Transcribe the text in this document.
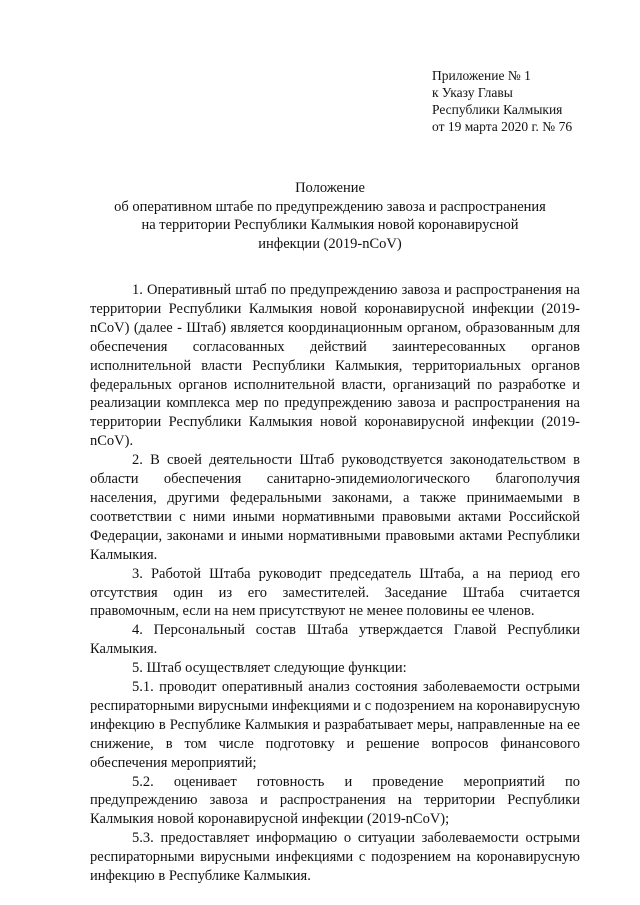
Приложение № 1
к Указу Главы
Республики Калмыкия
от 19 марта 2020 г. № 76
Положение
об оперативном штабе по предупреждению завоза и распространения
на территории Республики Калмыкия новой коронавирусной
инфекции (2019-nCoV)

1. Оперативный штаб по предупреждению завоза и распространения на территории Республики Калмыкия новой коронавирусной инфекции (2019-nCoV) (далее - Штаб) является координационным органом, образованным для обеспечения согласованных действий заинтересованных органов исполнительной власти Республики Калмыкия, территориальных органов федеральных органов исполнительной власти, организаций по разработке и реализации комплекса мер по предупреждению завоза и распространения на территории Республики Калмыкия новой коронавирусной инфекции (2019-nCoV).

2. В своей деятельности Штаб руководствуется законодательством в области обеспечения санитарно-эпидемиологического благополучия населения, другими федеральными законами, а также принимаемыми в соответствии с ними иными нормативными правовыми актами Российской Федерации, законами и иными нормативными правовыми актами Республики Калмыкия.

3. Работой Штаба руководит председатель Штаба, а на период его отсутствия один из его заместителей. Заседание Штаба считается правомочным, если на нем присутствуют не менее половины ее членов.

4. Персональный состав Штаба утверждается Главой Республики Калмыкия.

5. Штаб осуществляет следующие функции:

5.1. проводит оперативный анализ состояния заболеваемости острыми респираторными вирусными инфекциями и с подозрением на коронавирусную инфекцию в Республике Калмыкия и разрабатывает меры, направленные на ее снижение, в том числе подготовку и решение вопросов финансового обеспечения мероприятий;

5.2. оценивает готовность и проведение мероприятий по предупреждению завоза и распространения на территории Республики Калмыкия новой коронавирусной инфекции (2019-nCoV);

5.3. предоставляет информацию о ситуации заболеваемости острыми респираторными вирусными инфекциями с подозрением на коронавирусную инфекцию в Республике Калмыкия.
